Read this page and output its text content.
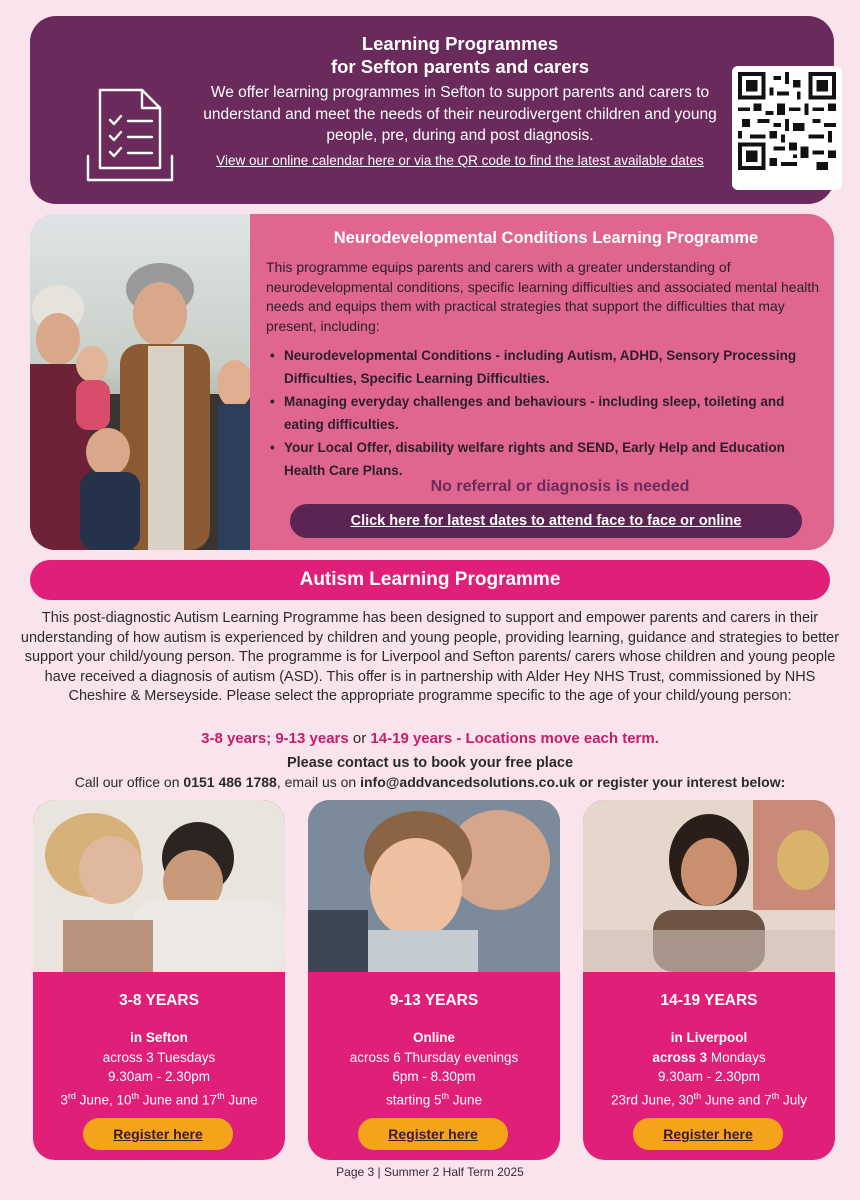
Learning Programmes
for Sefton parents and carers
We offer learning programmes in Sefton to support parents and carers to understand and meet the needs of their neurodivergent children and young people, pre, during and post diagnosis.
View our online calendar here or via the QR code to find the latest available dates
Neurodevelopmental Conditions Learning Programme
This programme equips parents and carers with a greater understanding of neurodevelopmental conditions, specific learning difficulties and associated mental health needs and equips them with practical strategies that support the difficulties that may present, including:
• Neurodevelopmental Conditions - including Autism, ADHD, Sensory Processing Difficulties, Specific Learning Difficulties.
• Managing everyday challenges and behaviours - including sleep, toileting and eating difficulties.
• Your Local Offer, disability welfare rights and SEND, Early Help and Education Health Care Plans.
No referral or diagnosis is needed
Click here for latest dates to attend face to face or online
Autism Learning Programme
This post-diagnostic Autism Learning Programme has been designed to support and empower parents and carers in their understanding of how autism is experienced by children and young people, providing learning, guidance and strategies to better support your child/young person. The programme is for Liverpool and Sefton parents/ carers whose children and young people have received a diagnosis of autism (ASD). This offer is in partnership with Alder Hey NHS Trust, commissioned by NHS Cheshire & Merseyside. Please select the appropriate programme specific to the age of your child/young person:
3-8 years; 9-13 years or 14-19 years - Locations move each term.
Please contact us to book your free place
Call our office on 0151 486 1788, email us on info@addvancedsolutions.co.uk or register your interest below:
3-8 YEARS
in Sefton
across 3 Tuesdays
9.30am - 2.30pm
3rd June, 10th June and 17th June
Register here
9-13 YEARS
Online
across 6 Thursday evenings
6pm - 8.30pm
starting 5th June
Register here
14-19 YEARS
in Liverpool
across 3 Mondays
9.30am - 2.30pm
23rd June, 30th June and 7th July
Register here
Page 3 | Summer 2 Half Term 2025
